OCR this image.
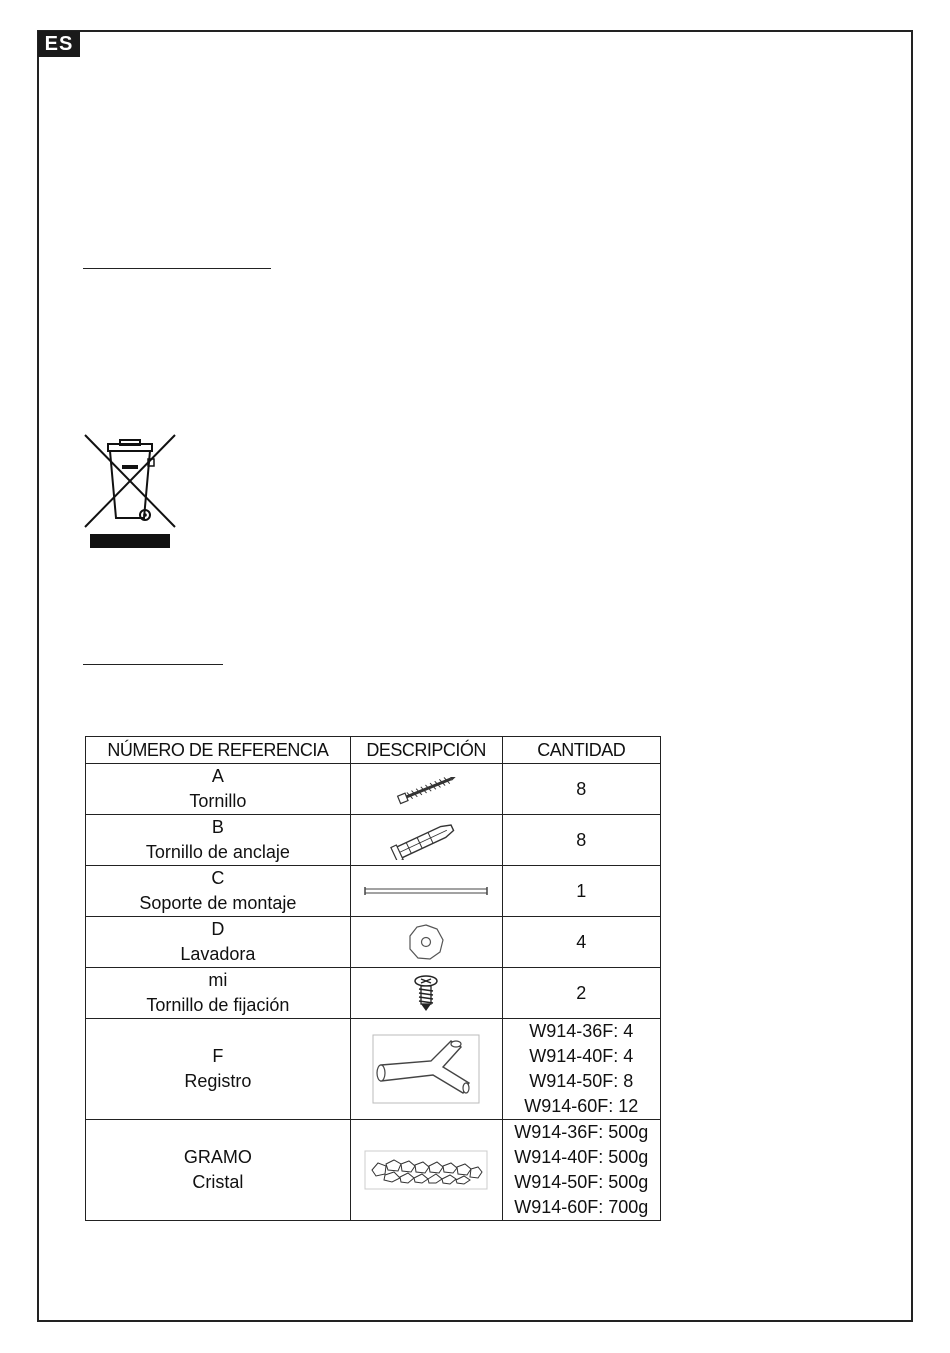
ES
NÚMERO DE REFERENCIA	DESCRIPCIÓN	CANTIDAD

A
Tornillo		8

B
Tornillo de anclaje		8

C
Soporte de montaje		1

D
Lavadora		4

mi
Tornillo de fijación		2

F
Registro		W914-36F: 4
W914-40F: 4
W914-50F: 8
W914-60F: 12

GRAMO
Cristal		W914-36F: 500g
W914-40F: 500g
W914-50F: 500g
W914-60F: 700g
